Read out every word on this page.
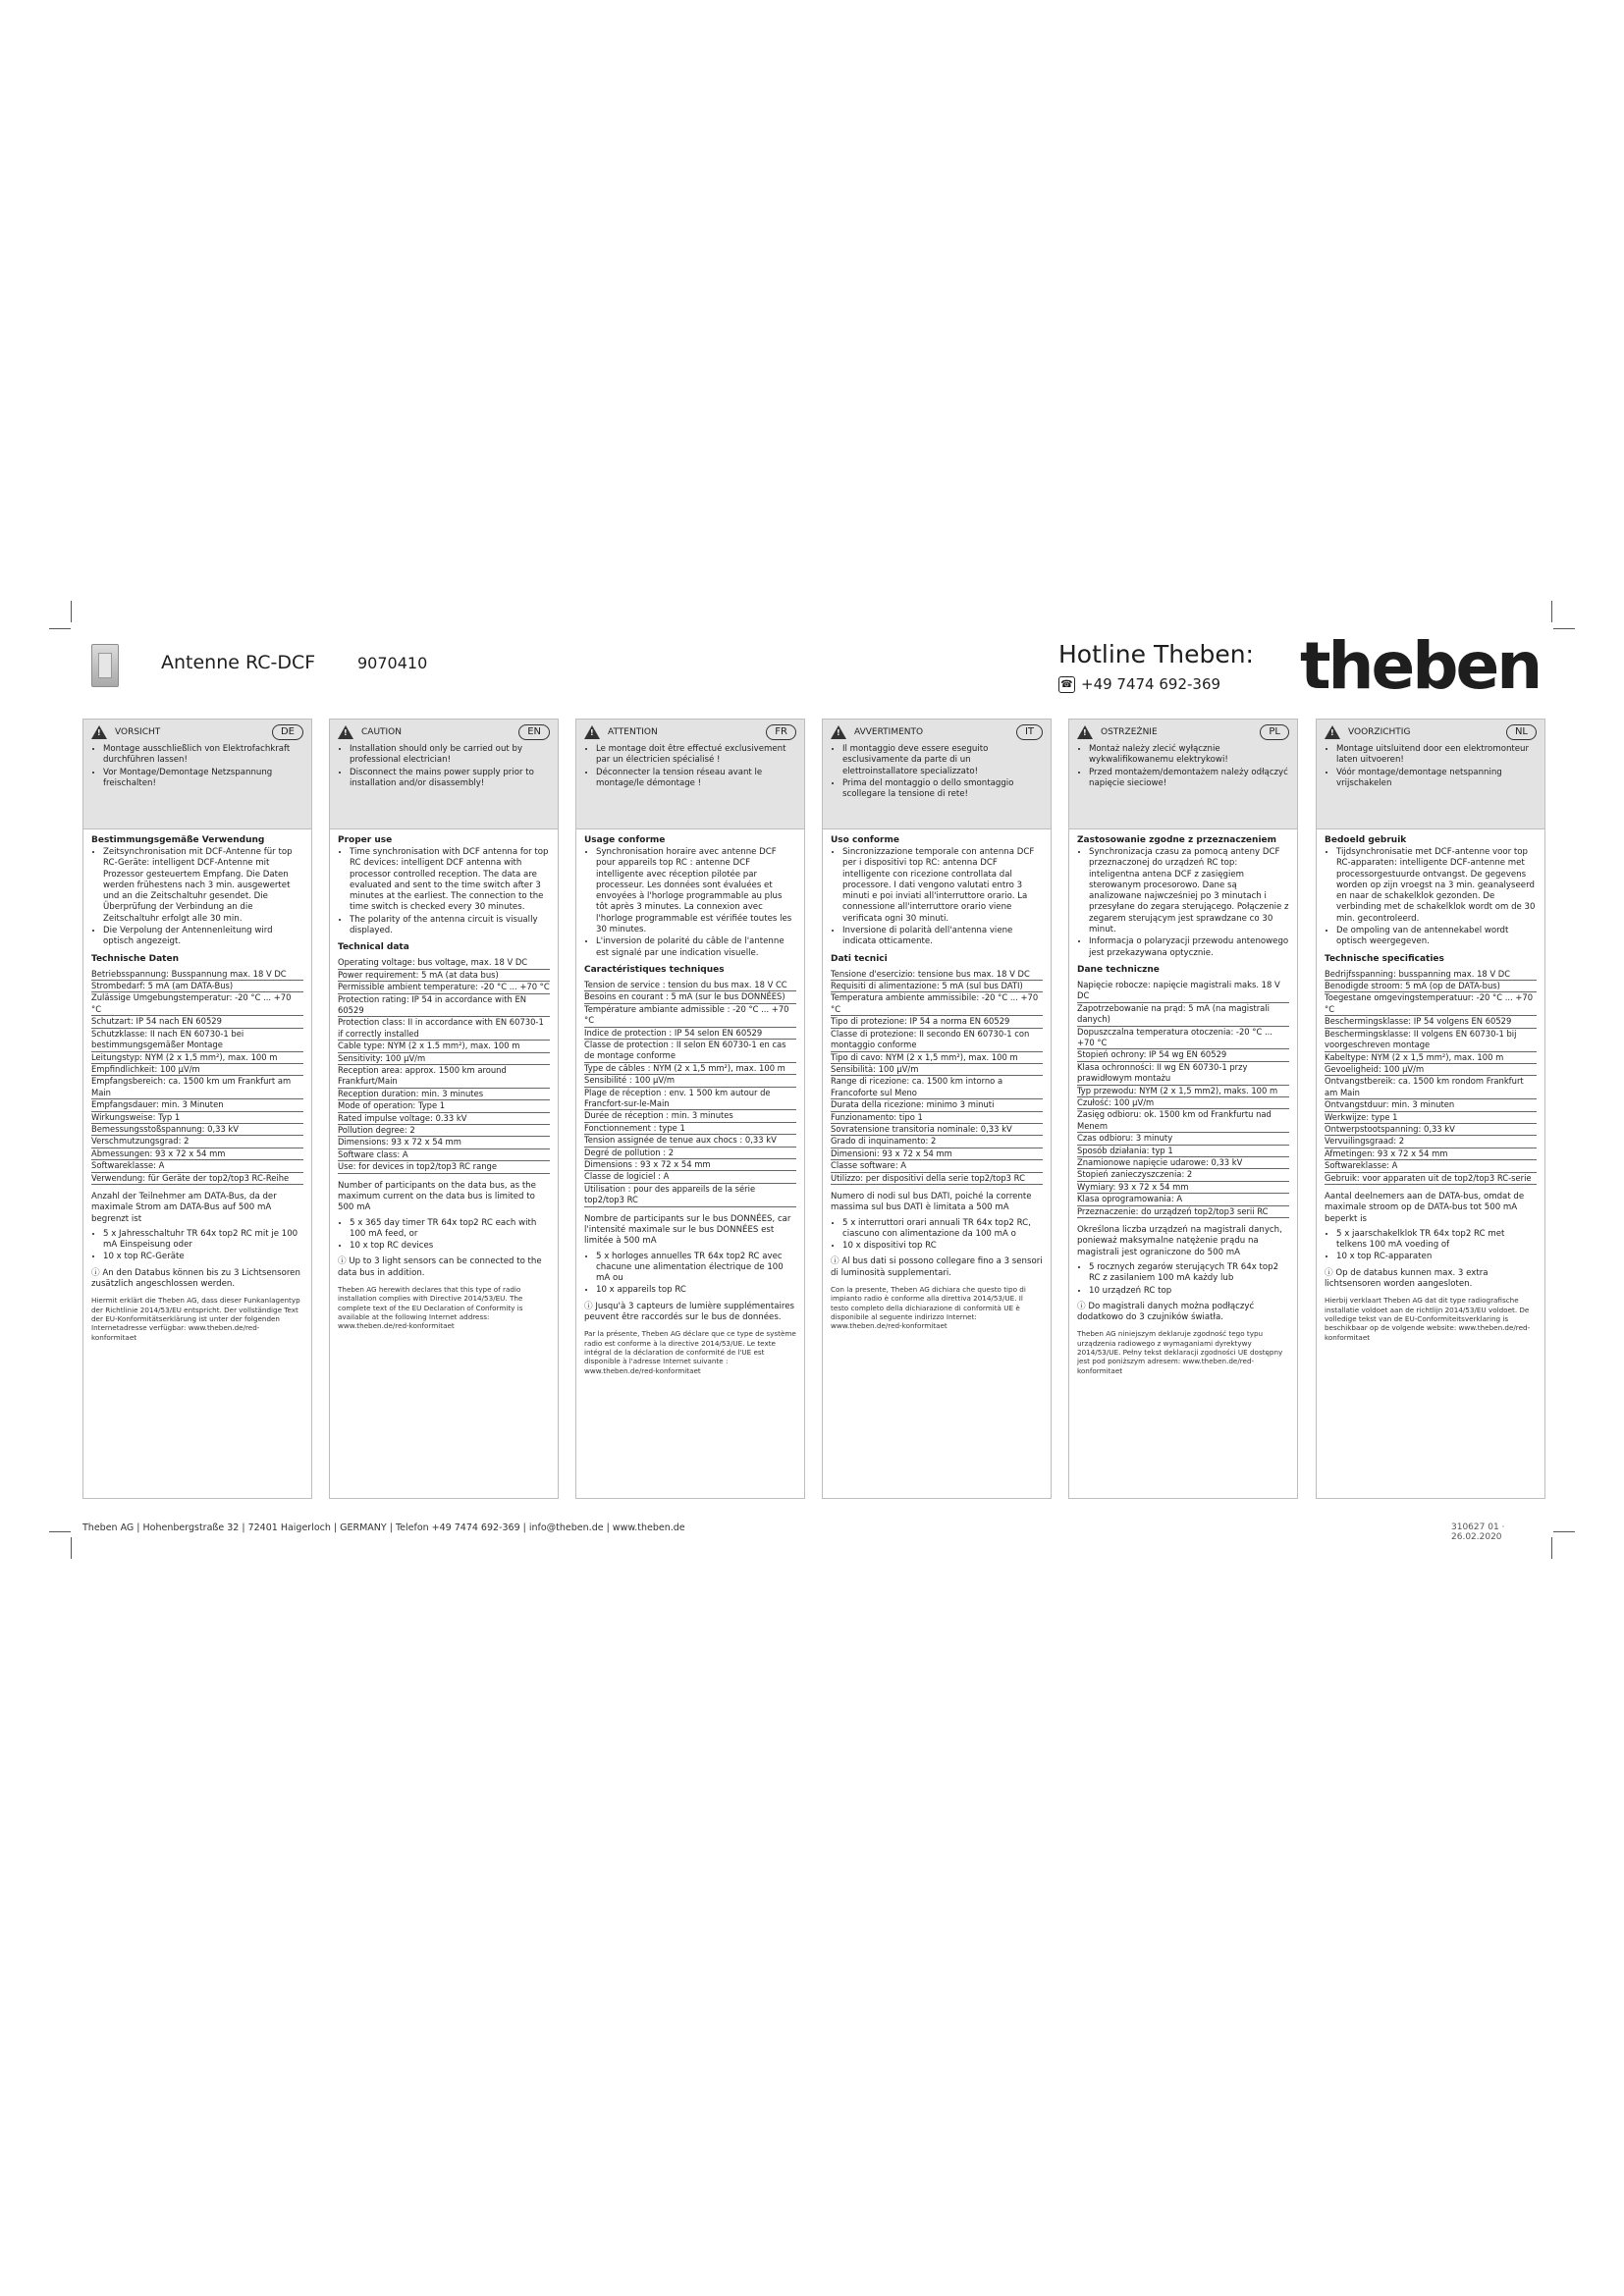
Antenne RC-DCF	9070410	Hotline Theben:
☎ +49 7474 692-369 theben
! VORSICHT	DE
• Montage ausschließlich von Elektrofachkraft durchführen lassen!
• Vor Montage/Demontage Netzspannung freischalten!
Bestimmungsgemäße Verwendung
• Zeitsynchronisation mit DCF-Antenne für top RC-Geräte: intelligent DCF-Antenne mit Prozessor gesteuertem Empfang. Die Daten werden frühestens nach 3 min. ausgewertet und an die Zeitschaltuhr gesendet. Die Überprüfung der Verbindung an die Zeitschaltuhr erfolgt alle 30 min.
• Die Verpolung der Antennenleitung wird optisch angezeigt.
Technische Daten
Betriebsspannung: Busspannung max. 18 V DC
Strombedarf: 5 mA (am DATA-Bus)
Zulässige Umgebungstemperatur: -20 °C ... +70 °C
Schutzart: IP 54 nach EN 60529
Schutzklasse: II nach EN 60730-1 bei bestimmungsgemäßer Montage
Leitungstyp: NYM (2 x 1,5 mm²), max. 100 m
Empfindlichkeit: 100 µV/m
Empfangsbereich: ca. 1500 km um Frankfurt am Main
Empfangsdauer: min. 3 Minuten
Wirkungsweise: Typ 1
Bemessungsstoßspannung: 0,33 kV
Verschmutzungsgrad: 2
Abmessungen: 93 x 72 x 54 mm
Softwareklasse: A
Verwendung: für Geräte der top2/top3 RC-Reihe
Anzahl der Teilnehmer am DATA-Bus, da der maximale Strom am DATA-Bus auf 500 mA begrenzt ist
• 5 x Jahresschaltuhr TR 64x top2 RC mit je 100 mA Einspeisung oder
• 10 x top RC-Geräte
ⓘ An den Databus können bis zu 3 Lichtsensoren zusätzlich angeschlossen werden.
Hiermit erklärt die Theben AG, dass dieser Funkanlagentyp der Richtlinie 2014/53/EU entspricht. Der vollständige Text der EU-Konformitätserklärung ist unter der folgenden Internetadresse verfügbar: www.theben.de/red-konformitaet
! CAUTION	EN
• Installation should only be carried out by professional electrician!
• Disconnect the mains power supply prior to installation and/or disassembly!
Proper use
• Time synchronisation with DCF antenna for top RC devices: intelligent DCF antenna with processor controlled reception. The data are evaluated and sent to the time switch after 3 minutes at the earliest. The connection to the time switch is checked every 30 minutes.
• The polarity of the antenna circuit is visually displayed.
Technical data
Operating voltage: bus voltage, max. 18 V DC
Power requirement: 5 mA (at data bus)
Permissible ambient temperature: -20 °C ... +70 °C
Protection rating: IP 54 in accordance with EN 60529
Protection class: II in accordance with EN 60730-1 if correctly installed
Cable type: NYM (2 x 1.5 mm²), max. 100 m
Sensitivity: 100 µV/m
Reception area: approx. 1500 km around Frankfurt/Main
Reception duration: min. 3 minutes
Mode of operation: Type 1
Rated impulse voltage: 0.33 kV
Pollution degree: 2
Dimensions: 93 x 72 x 54 mm
Software class: A
Use: for devices in top2/top3 RC range
Number of participants on the data bus, as the maximum current on the data bus is limited to 500 mA
• 5 x 365 day timer TR 64x top2 RC each with 100 mA feed, or
• 10 x top RC devices
ⓘ Up to 3 light sensors can be connected to the data bus in addition.
Theben AG herewith declares that this type of radio installation complies with Directive 2014/53/EU. The complete text of the EU Declaration of Conformity is available at the following Internet address: www.theben.de/red-konformitaet
! ATTENTION	FR
• Le montage doit être effectué exclusivement par un électricien spécialisé !
• Déconnecter la tension réseau avant le montage/le démontage !
Usage conforme
• Synchronisation horaire avec antenne DCF pour appareils top RC : antenne DCF intelligente avec réception pilotée par processeur. Les données sont évaluées et envoyées à l'horloge programmable au plus tôt après 3 minutes. La connexion avec l'horloge programmable est vérifiée toutes les 30 minutes.
• L'inversion de polarité du câble de l'antenne est signalé par une indication visuelle.
Caractéristiques techniques
Tension de service : tension du bus max. 18 V CC
Besoins en courant : 5 mA (sur le bus DONNÉES)
Température ambiante admissible : -20 °C ... +70 °C
Indice de protection : IP 54 selon EN 60529
Classe de protection : II selon EN 60730-1 en cas de montage conforme
Type de câbles : NYM (2 x 1,5 mm²), max. 100 m
Sensibilité : 100 µV/m
Plage de réception : env. 1 500 km autour de Francfort-sur-le-Main
Durée de réception : min. 3 minutes
Fonctionnement : type 1
Tension assignée de tenue aux chocs : 0,33 kV
Degré de pollution : 2
Dimensions : 93 x 72 x 54 mm
Classe de logiciel : A
Utilisation : pour des appareils de la série top2/top3 RC
Nombre de participants sur le bus DONNÉES, car l'intensité maximale sur le bus DONNÉES est limitée à 500 mA
• 5 x horloges annuelles TR 64x top2 RC avec chacune une alimentation électrique de 100 mA ou
• 10 x appareils top RC
ⓘ Jusqu'à 3 capteurs de lumière supplémentaires peuvent être raccordés sur le bus de données.
Par la présente, Theben AG déclare que ce type de système radio est conforme à la directive 2014/53/UE. Le texte intégral de la déclaration de conformité de l'UE est disponible à l'adresse Internet suivante : www.theben.de/red-konformitaet
! AVVERTIMENTO	IT
• Il montaggio deve essere eseguito esclusivamente da parte di un elettroinstallatore specializzato!
• Prima del montaggio o dello smontaggio scollegare la tensione di rete!
Uso conforme
• Sincronizzazione temporale con antenna DCF per i dispositivi top RC: antenna DCF intelligente con ricezione controllata dal processore. I dati vengono valutati entro 3 minuti e poi inviati all'interruttore orario. La connessione all'interruttore orario viene verificata ogni 30 minuti.
• Inversione di polarità dell'antenna viene indicata otticamente.
Dati tecnici
Tensione d'esercizio: tensione bus max. 18 V DC
Requisiti di alimentazione: 5 mA (sul bus DATI)
Temperatura ambiente ammissibile: -20 °C ... +70 °C
Tipo di protezione: IP 54 a norma EN 60529
Classe di protezione: II secondo EN 60730-1 con montaggio conforme
Tipo di cavo: NYM (2 x 1,5 mm²), max. 100 m
Sensibilità: 100 µV/m
Range di ricezione: ca. 1500 km intorno a Francoforte sul Meno
Durata della ricezione: minimo 3 minuti
Funzionamento: tipo 1
Sovratensione transitoria nominale: 0,33 kV
Grado di inquinamento: 2
Dimensioni: 93 x 72 x 54 mm
Classe software: A
Utilizzo: per dispositivi della serie top2/top3 RC
Numero di nodi sul bus DATI, poiché la corrente massima sul bus DATI è limitata a 500 mA
• 5 x interruttori orari annuali TR 64x top2 RC, ciascuno con alimentazione da 100 mA o
• 10 x dispositivi top RC
ⓘ Al bus dati si possono collegare fino a 3 sensori di luminosità supplementari.
Con la presente, Theben AG dichiara che questo tipo di impianto radio è conforme alla direttiva 2014/53/UE. Il testo completo della dichiarazione di conformità UE è disponibile al seguente indirizzo Internet: www.theben.de/red-konformitaet
! OSTRZEŻNIE	PL
• Montaż należy zlecić wyłącznie wykwalifikowanemu elektrykowi!
• Przed montażem/demontażem należy odłączyć napięcie sieciowe!
Zastosowanie zgodne z przeznaczeniem
• Synchronizacja czasu za pomocą anteny DCF przeznaczonej do urządzeń RC top: inteligentna antena DCF z zasięgiem sterowanym procesorowo. Dane są analizowane najwcześniej po 3 minutach i przesyłane do zegara sterującego. Połączenie z zegarem sterującym jest sprawdzane co 30 minut.
• Informacja o polaryzacji przewodu antenowego jest przekazywana optycznie.
Dane techniczne
Napięcie robocze: napięcie magistrali maks. 18 V DC
Zapotrzebowanie na prąd: 5 mA (na magistrali danych)
Dopuszczalna temperatura otoczenia: -20 °C ... +70 °C
Stopień ochrony: IP 54 wg EN 60529
Klasa ochronności: II wg EN 60730-1 przy prawidłowym montażu
Typ przewodu: NYM (2 x 1,5 mm2), maks. 100 m
Czułość: 100 µV/m
Zasięg odbioru: ok. 1500 km od Frankfurtu nad Menem
Czas odbioru: 3 minuty
Sposób działania: typ 1
Znamionowe napięcie udarowe: 0,33 kV
Stopień zanieczyszczenia: 2
Wymiary: 93 x 72 x 54 mm
Klasa oprogramowania: A
Przeznaczenie: do urządzeń top2/top3 serii RC
Określona liczba urządzeń na magistrali danych, ponieważ maksymalne natężenie prądu na magistrali jest ograniczone do 500 mA
• 5 rocznych zegarów sterujących TR 64x top2 RC z zasilaniem 100 mA każdy lub
• 10 urządzeń RC top
ⓘ Do magistrali danych można podłączyć dodatkowo do 3 czujników światła.
Theben AG niniejszym deklaruje zgodność tego typu urządzenia radiowego z wymaganiami dyrektywy 2014/53/UE. Pełny tekst deklaracji zgodności UE dostępny jest pod poniższym adresem: www.theben.de/red-konformitaet
! VOORZICHTIG	NL
• Montage uitsluitend door een elektromonteur laten uitvoeren!
• Vóór montage/demontage netspanning vrijschakelen
Bedoeld gebruik
• Tijdsynchronisatie met DCF-antenne voor top RC-apparaten: intelligente DCF-antenne met processorgestuurde ontvangst. De gegevens worden op zijn vroegst na 3 min. geanalyseerd en naar de schakelklok gezonden. De verbinding met de schakelklok wordt om de 30 min. gecontroleerd.
• De ompoling van de antennekabel wordt optisch weergegeven.
Technische specificaties
Bedrijfsspanning: busspanning max. 18 V DC
Benodigde stroom: 5 mA (op de DATA-bus)
Toegestane omgevingstemperatuur: -20 °C ... +70 °C
Beschermingsklasse: IP 54 volgens EN 60529
Beschermingsklasse: II volgens EN 60730-1 bij voorgeschreven montage
Kabeltype: NYM (2 x 1,5 mm²), max. 100 m
Gevoeligheid: 100 µV/m
Ontvangstbereik: ca. 1500 km rondom Frankfurt am Main
Ontvangstduur: min. 3 minuten
Werkwijze: type 1
Ontwerpstootspanning: 0,33 kV
Vervuilingsgraad: 2
Afmetingen: 93 x 72 x 54 mm
Softwareklasse: A
Gebruik: voor apparaten uit de top2/top3 RC-serie
Aantal deelnemers aan de DATA-bus, omdat de maximale stroom op de DATA-bus tot 500 mA beperkt is
• 5 x jaarschakelklok TR 64x top2 RC met telkens 100 mA voeding of
• 10 x top RC-apparaten
ⓘ Op de databus kunnen max. 3 extra lichtsensoren worden aangesloten.
Hierbij verklaart Theben AG dat dit type radiografische installatie voldoet aan de richtlijn 2014/53/EU voldoet. De volledige tekst van de EU-Conformiteitsverklaring is beschikbaar op de volgende website: www.theben.de/red-konformitaet
Theben AG | Hohenbergstraße 32 | 72401 Haigerloch | GERMANY | Telefon +49 7474 692-369 | info@theben.de | www.theben.de	310627 01 · 26.02.2020
